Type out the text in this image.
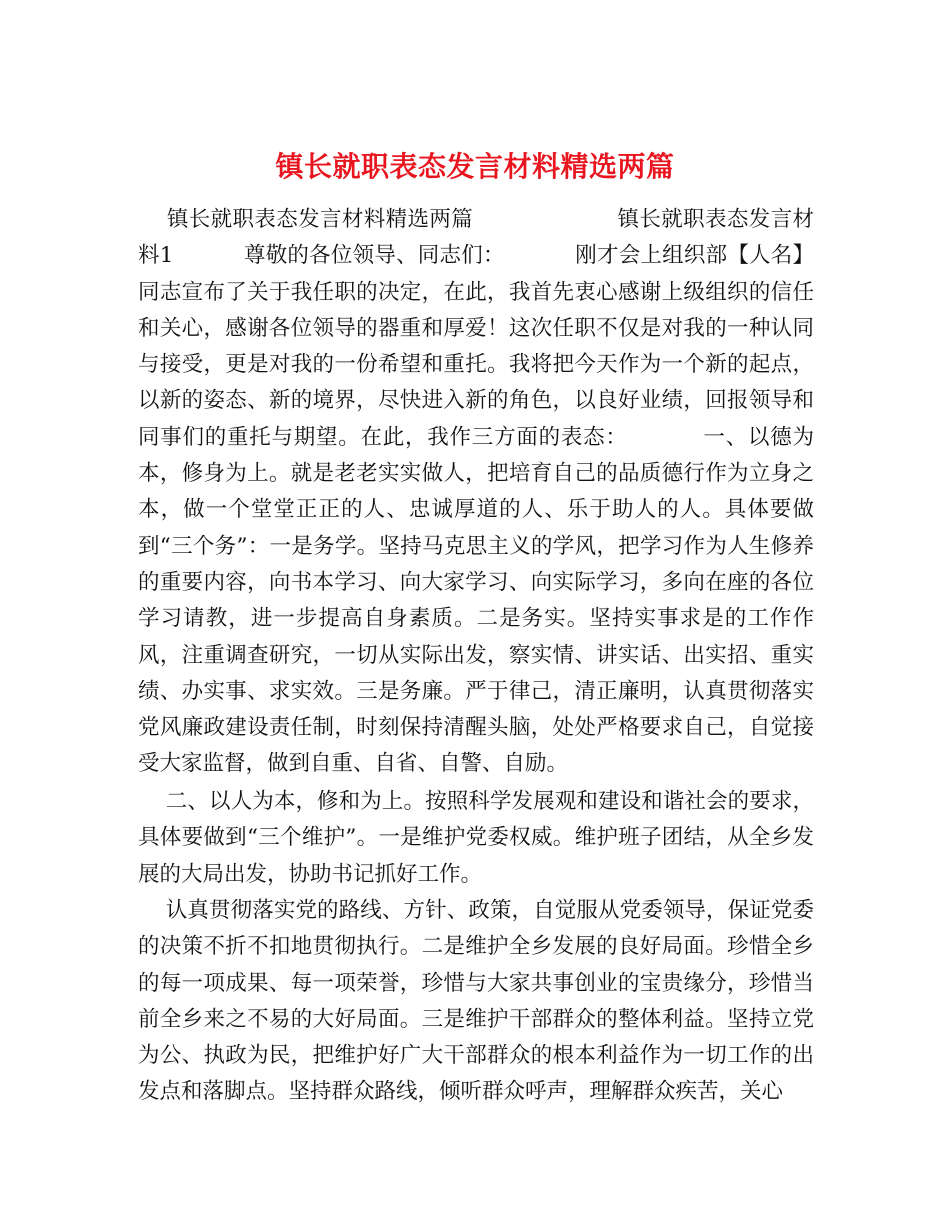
镇长就职表态发言材料精选两篇

镇长就职表态发言材料精选两篇                    镇长就职表态发言材料1          尊敬的各位领导、同志们：          刚才会上组织部【人名】同志宣布了关于我任职的决定，在此，我首先衷心感谢上级组织的信任和关心，感谢各位领导的器重和厚爱！这次任职不仅是对我的一种认同与接受，更是对我的一份希望和重托。我将把今天作为一个新的起点，以新的姿态、新的境界，尽快进入新的角色，以良好业绩，回报领导和同事们的重托与期望。在此，我作三方面的表态：          一、以德为本，修身为上。就是老老实实做人，把培育自己的品质德行作为立身之本，做一个堂堂正正的人、忠诚厚道的人、乐于助人的人。具体要做到“三个务”：一是务学。坚持马克思主义的学风，把学习作为人生修养的重要内容，向书本学习、向大家学习、向实际学习，多向在座的各位学习请教，进一步提高自身素质。二是务实。坚持实事求是的工作作风，注重调查研究，一切从实际出发，察实情、讲实话、出实招、重实绩、办实事、求实效。三是务廉。严于律己，清正廉明，认真贯彻落实党风廉政建设责任制，时刻保持清醒头脑，处处严格要求自己，自觉接受大家监督，做到自重、自省、自警、自励。

二、以人为本，修和为上。按照科学发展观和建设和谐社会的要求，具体要做到“三个维护”。一是维护党委权威。维护班子团结，从全乡发展的大局出发，协助书记抓好工作。

认真贯彻落实党的路线、方针、政策，自觉服从党委领导，保证党委的决策不折不扣地贯彻执行。二是维护全乡发展的良好局面。珍惜全乡的每一项成果、每一项荣誉，珍惜与大家共事创业的宝贵缘分，珍惜当前全乡来之不易的大好局面。三是维护干部群众的整体利益。坚持立党为公、执政为民，把维护好广大干部群众的根本利益作为一切工作的出发点和落脚点。坚持群众路线，倾听群众呼声，理解群众疾苦，关心
